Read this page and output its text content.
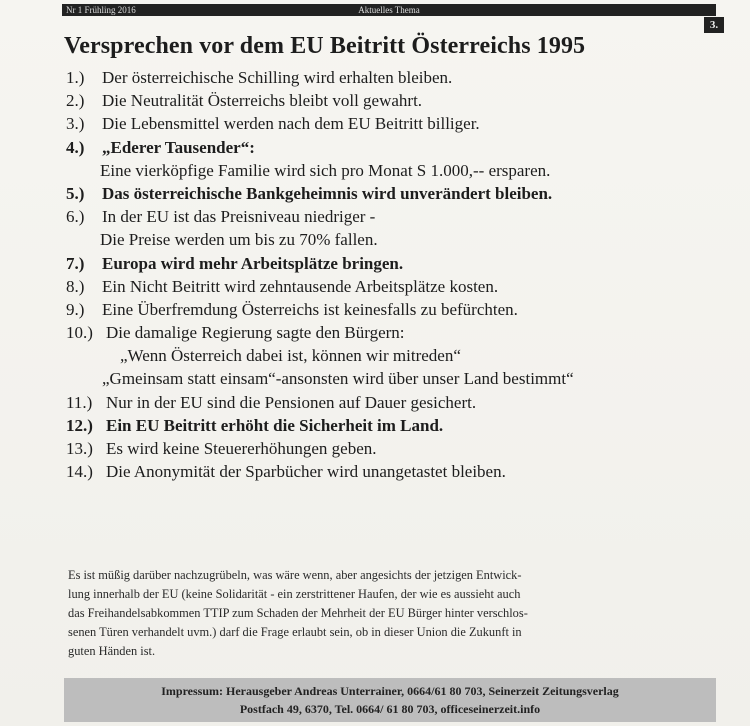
Nr 1 Frühling 2016	Aktuelles Thema
3.
Versprechen vor dem EU Beitritt Österreichs 1995
1.)	Der österreichische Schilling wird erhalten bleiben.
2.)	Die Neutralität Österreichs bleibt voll gewahrt.
3.)	Die Lebensmittel werden nach dem EU Beitritt billiger.
4.)	„Ederer Tausender“:
Eine vierköpfige Familie wird sich pro Monat S 1.000,-- ersparen.
5.)	Das österreichische Bankgeheimnis wird unverändert bleiben.
6.)	In der EU ist das Preisniveau niedriger -
Die Preise werden um bis zu 70% fallen.
7.)	Europa wird mehr Arbeitsplätze bringen.
8.)	Ein Nicht Beitritt wird zehntausende Arbeitsplätze kosten.
9.)	Eine Überfremdung Österreichs ist keinesfalls zu befürchten.
10.) Die damalige Regierung sagte den Bürgern:
„Wenn Österreich dabei ist, können wir mitreden“
„Gmeinsam statt einsam“-ansonsten wird über unser Land bestimmt“
11.) Nur in der EU sind die Pensionen auf Dauer gesichert.
12.) Ein EU Beitritt erhöht die Sicherheit im Land.
13.) Es wird keine Steuererhöhungen geben.
14.) Die Anonymität der Sparbücher wird unangetastet bleiben.
Es ist müßig darüber nachzugrübeln, was wäre wenn, aber angesichts der jetzigen Entwick-
lung innerhalb der EU (keine Solidarität - ein zerstrittener Haufen, der wie es aussieht auch
das Freihandelsabkommen TTIP zum Schaden der Mehrheit der EU Bürger hinter verschlos-
senen Türen verhandelt uvm.) darf die Frage erlaubt sein, ob in dieser Union die Zukunft in
guten Händen ist.
Impressum: Herausgeber Andreas Unterrainer, 0664/61 80 703, Seinerzeit Zeitungsverlag
Postfach 49, 6370, Tel. 0664/ 61 80 703, officeseinerzeit.info
